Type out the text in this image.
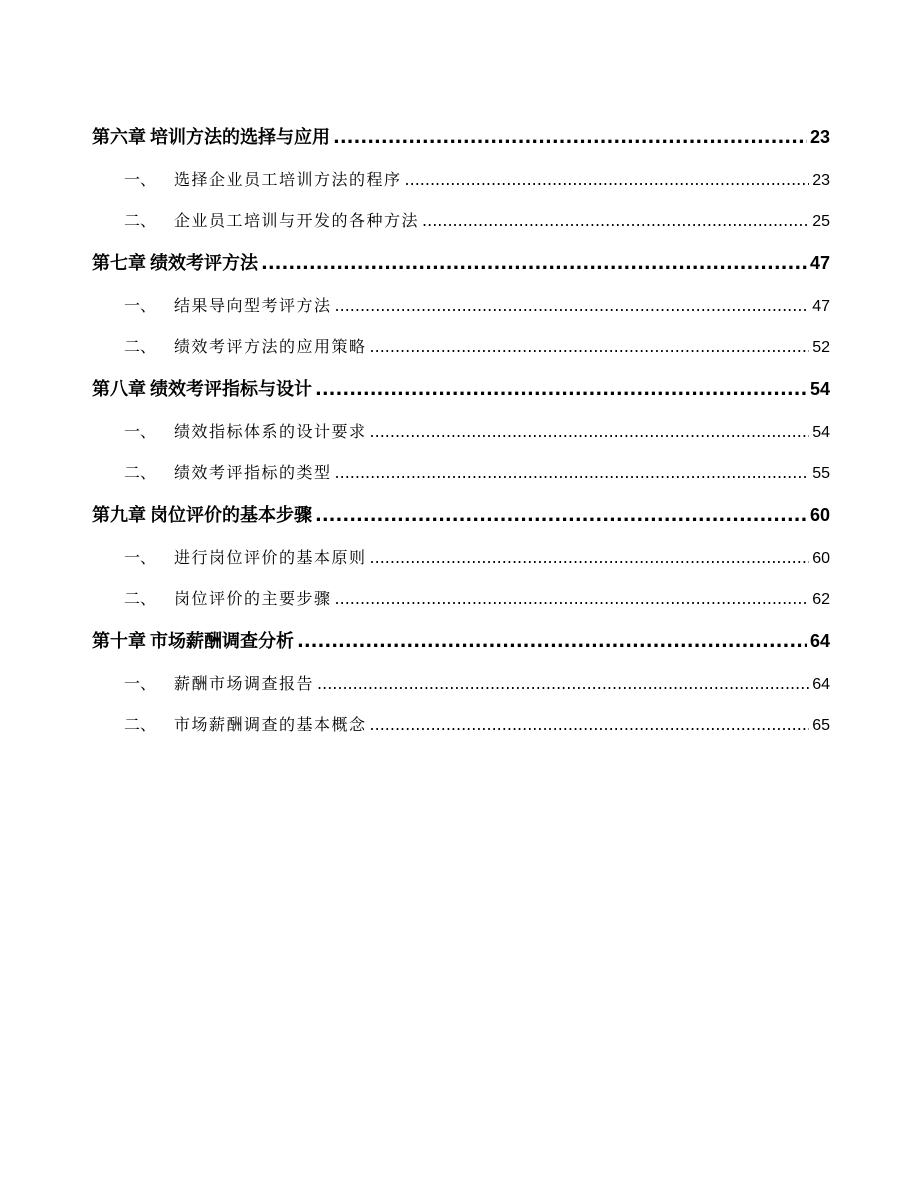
第六章 培训方法的选择与应用 .....	23
一、 选择企业员工培训方法的程序 .....	23
二、 企业员工培训与开发的各种方法 .....	25
第七章 绩效考评方法 .....	47
一、 结果导向型考评方法 .....	47
二、 绩效考评方法的应用策略 .....	52
第八章 绩效考评指标与设计 .....	54
一、 绩效指标体系的设计要求 .....	54
二、 绩效考评指标的类型 .....	55
第九章 岗位评价的基本步骤 .....	60
一、 进行岗位评价的基本原则 .....	60
二、 岗位评价的主要步骤 .....	62
第十章 市场薪酬调查分析 .....	64
一、 薪酬市场调查报告 .....	64
二、 市场薪酬调查的基本概念 .....	65
